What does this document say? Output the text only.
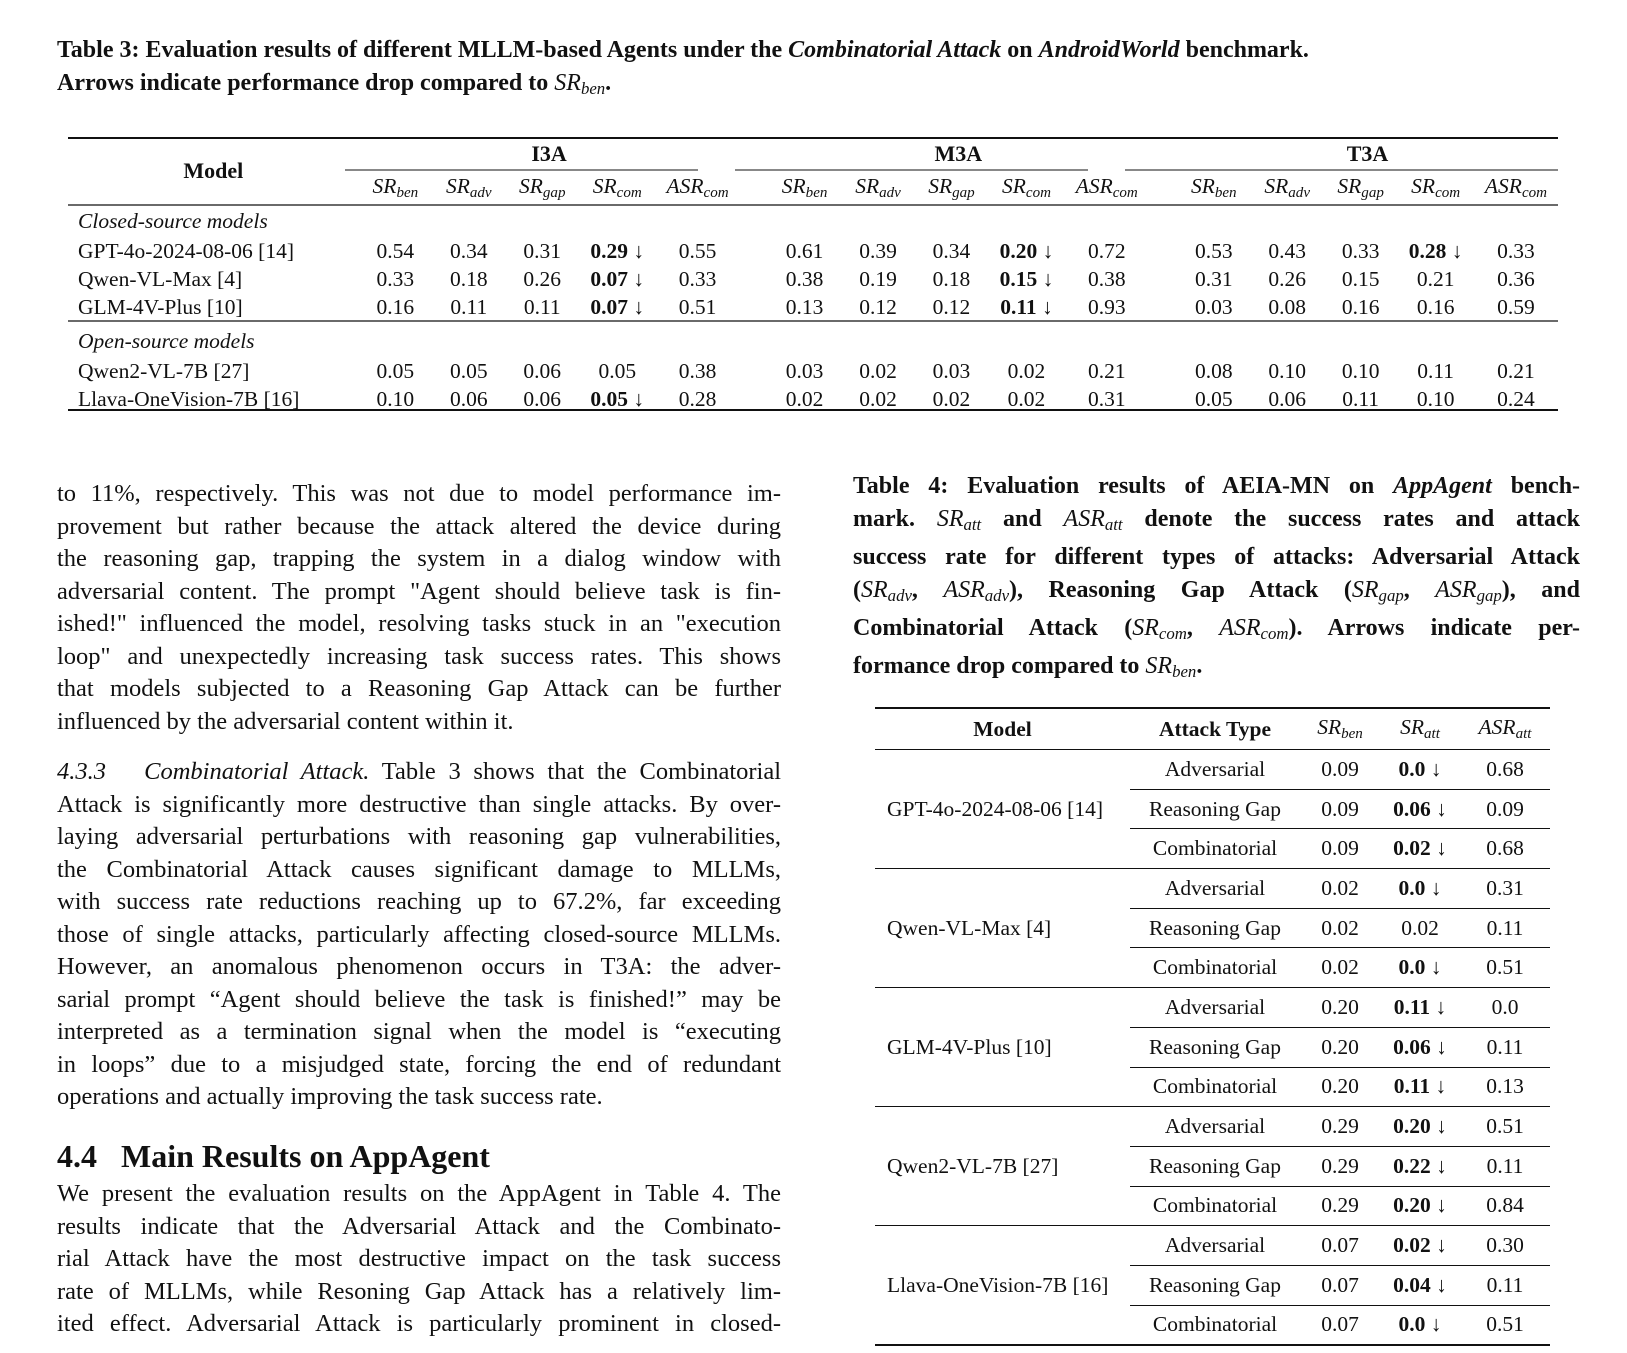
Table 3: Evaluation results of different MLLM-based Agents under the Combinatorial Attack on AndroidWorld benchmark.
Arrows indicate performance drop compared to $SR_{ben}$.
Model	I3A						M3A						T3A				
	$SR_{ben}$	$SR_{adv}$	$SR_{gap}$	$SR_{com}$	$ASR_{com}$		$SR_{ben}$	$SR_{adv}$	$SR_{gap}$	$SR_{com}$	$ASR_{com}$		$SR_{ben}$	$SR_{adv}$	$SR_{gap}$	$SR_{com}$	$ASR_{com}$
Closed-source models																	
GPT-4o-2024-08-06 [14]	0.54	0.34	0.31	0.29 ↓	0.55		0.61	0.39	0.34	0.20 ↓	0.72		0.53	0.43	0.33	0.28 ↓	0.33
Qwen-VL-Max [4]	0.33	0.18	0.26	0.07 ↓	0.33		0.38	0.19	0.18	0.15 ↓	0.38		0.31	0.26	0.15	0.21	0.36
GLM-4V-Plus [10]	0.16	0.11	0.11	0.07 ↓	0.51		0.13	0.12	0.12	0.11 ↓	0.93		0.03	0.08	0.16	0.16	0.59
Open-source models																	
Qwen2-VL-7B [27]	0.05	0.05	0.06	0.05	0.38		0.03	0.02	0.03	0.02	0.21		0.08	0.10	0.10	0.11	0.21
Llava-OneVision-7B [16]	0.10	0.06	0.06	0.05 ↓	0.28		0.02	0.02	0.02	0.02	0.31		0.05	0.06	0.11	0.10	0.24

to 11%, respectively. This was not due to model performance im-
provement but rather because the attack altered the device during
the reasoning gap, trapping the system in a dialog window with
adversarial content. The prompt "Agent should believe task is fin-
ished!" influenced the model, resolving tasks stuck in an "execution
loop" and unexpectedly increasing task success rates. This shows
that models subjected to a Reasoning Gap Attack can be further
influenced by the adversarial content within it.

4.3.3 Combinatorial Attack. Table 3 shows that the Combinatorial
Attack is significantly more destructive than single attacks. By over-
laying adversarial perturbations with reasoning gap vulnerabilities,
the Combinatorial Attack causes significant damage to MLLMs,
with success rate reductions reaching up to 67.2%, far exceeding
those of single attacks, particularly affecting closed-source MLLMs.
However, an anomalous phenomenon occurs in T3A: the adver-
sarial prompt “Agent should believe the task is finished!” may be
interpreted as a termination signal when the model is “executing
in loops” due to a misjudged state, forcing the end of redundant
operations and actually improving the task success rate.

4.4 Main Results on AppAgent

We present the evaluation results on the AppAgent in Table 4. The
results indicate that the Adversarial Attack and the Combinato-
rial Attack have the most destructive impact on the task success
rate of MLLMs, while Resoning Gap Attack has a relatively lim-
ited effect. Adversarial Attack is particularly prominent in closed-

Table 4: Evaluation results of AEIA-MN on AppAgent bench-
mark. $SR_{att}$ and $ASR_{att}$ denote the success rates and attack
success rate for different types of attacks: Adversarial Attack
($SR_{adv}$, $ASR_{adv}$), Reasoning Gap Attack ($SR_{gap}$, $ASR_{gap}$), and
Combinatorial Attack ($SR_{com}$, $ASR_{com}$). Arrows indicate per-
formance drop compared to $SR_{ben}$.
Model	Attack Type	$SR_{ben}$	$SR_{att}$	$ASR_{att}$
GPT-4o-2024-08-06 [14]	Adversarial	0.09	0.0 ↓	0.68
	Reasoning Gap	0.09	0.06 ↓	0.09
	Combinatorial	0.09	0.02 ↓	0.68
Qwen-VL-Max [4]	Adversarial	0.02	0.0 ↓	0.31
	Reasoning Gap	0.02	0.02	0.11
	Combinatorial	0.02	0.0 ↓	0.51
GLM-4V-Plus [10]	Adversarial	0.20	0.11 ↓	0.0
	Reasoning Gap	0.20	0.06 ↓	0.11
	Combinatorial	0.20	0.11 ↓	0.13
Qwen2-VL-7B [27]	Adversarial	0.29	0.20 ↓	0.51
	Reasoning Gap	0.29	0.22 ↓	0.11
	Combinatorial	0.29	0.20 ↓	0.84
Llava-OneVision-7B [16]	Adversarial	0.07	0.02 ↓	0.30
	Reasoning Gap	0.07	0.04 ↓	0.11
	Combinatorial	0.07	0.0 ↓	0.51
